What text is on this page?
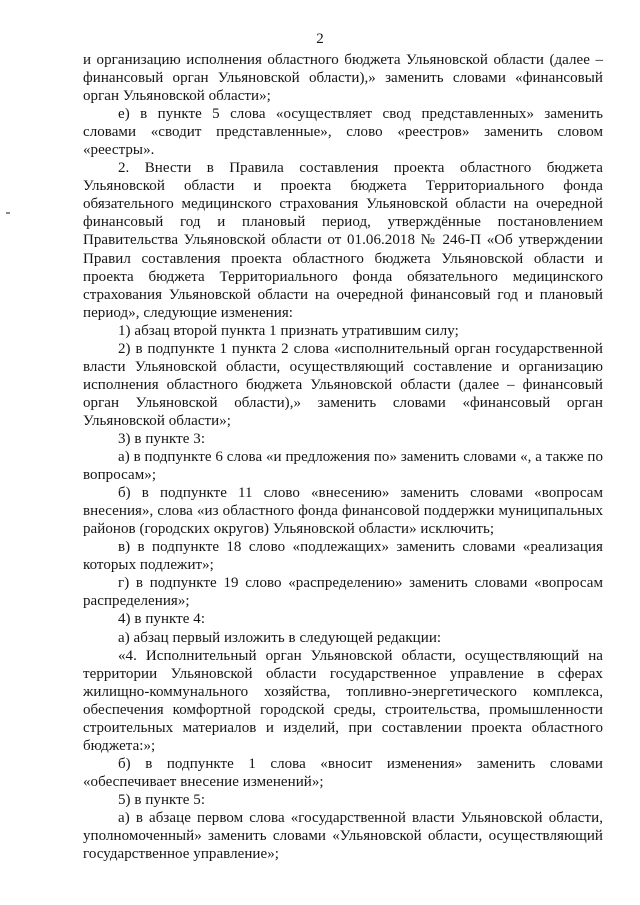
2

и организацию исполнения областного бюджета Ульяновской области (далее – финансовый орган Ульяновской области),» заменить словами «финансовый орган Ульяновской области»;

е) в пункте 5 слова «осуществляет свод представленных» заменить словами «сводит представленные», слово «реестров» заменить словом «реестры».

2. Внести в Правила составления проекта областного бюджета Ульяновской области и проекта бюджета Территориального фонда обязательного медицинского страхования Ульяновской области на очередной финансовый год и плановый период, утверждённые постановлением Правительства Ульяновской области от 01.06.2018 № 246-П «Об утверждении Правил составления проекта областного бюджета Ульяновской области и проекта бюджета Территориального фонда обязательного медицинского страхования Ульяновской области на очередной финансовый год и плановый период», следующие изменения:

1) абзац второй пункта 1 признать утратившим силу;

2) в подпункте 1 пункта 2 слова «исполнительный орган государственной власти Ульяновской области, осуществляющий составление и организацию исполнения областного бюджета Ульяновской области (далее – финансовый орган Ульяновской области),» заменить словами «финансовый орган Ульяновской области»;

3) в пункте 3:

а) в подпункте 6 слова «и предложения по» заменить словами «, а также по вопросам»;

б) в подпункте 11 слово «внесению» заменить словами «вопросам внесения», слова «из областного фонда финансовой поддержки муниципальных районов (городских округов) Ульяновской области» исключить;

в) в подпункте 18 слово «подлежащих» заменить словами «реализация которых подлежит»;

г) в подпункте 19 слово «распределению» заменить словами «вопросам распределения»;

4) в пункте 4:

а) абзац первый изложить в следующей редакции:

«4. Исполнительный орган Ульяновской области, осуществляющий на территории Ульяновской области государственное управление в сферах жилищно-коммунального хозяйства, топливно-энергетического комплекса, обеспечения комфортной городской среды, строительства, промышленности строительных материалов и изделий, при составлении проекта областного бюджета:»;

б) в подпункте 1 слова «вносит изменения» заменить словами «обеспечивает внесение изменений»;

5) в пункте 5:

а) в абзаце первом слова «государственной власти Ульяновской области, уполномоченный» заменить словами «Ульяновской области, осуществляющий государственное управление»;
